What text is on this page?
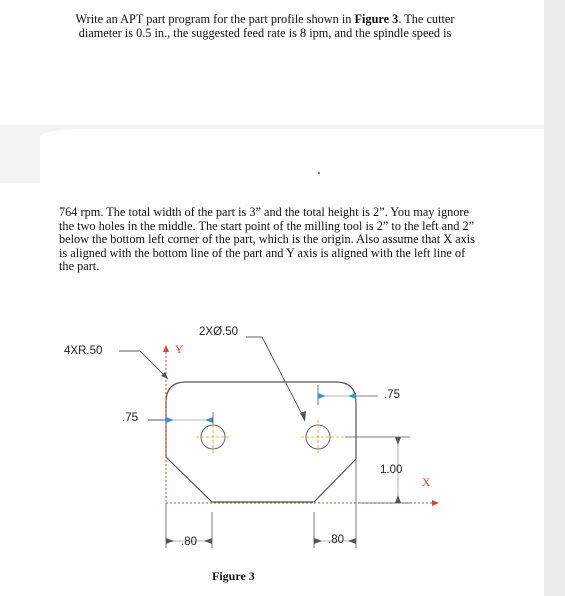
Write an APT part program for the part profile shown in Figure 3. The cutter diameter is 0.5 in., the suggested feed rate is 8 ipm, and the spindle speed is

764 rpm. The total width of the part is 3” and the total height is 2”. You may ignore the two holes in the middle. The start point of the milling tool is 2” to the left and 2” below the bottom left corner of the part, which is the origin. Also assume that X axis is aligned with the bottom line of the part and Y axis is aligned with the left line of the part.

4XR.50
2XØ.50
Y
X
.75
.75
1.00
.80	.80
Figure 3
